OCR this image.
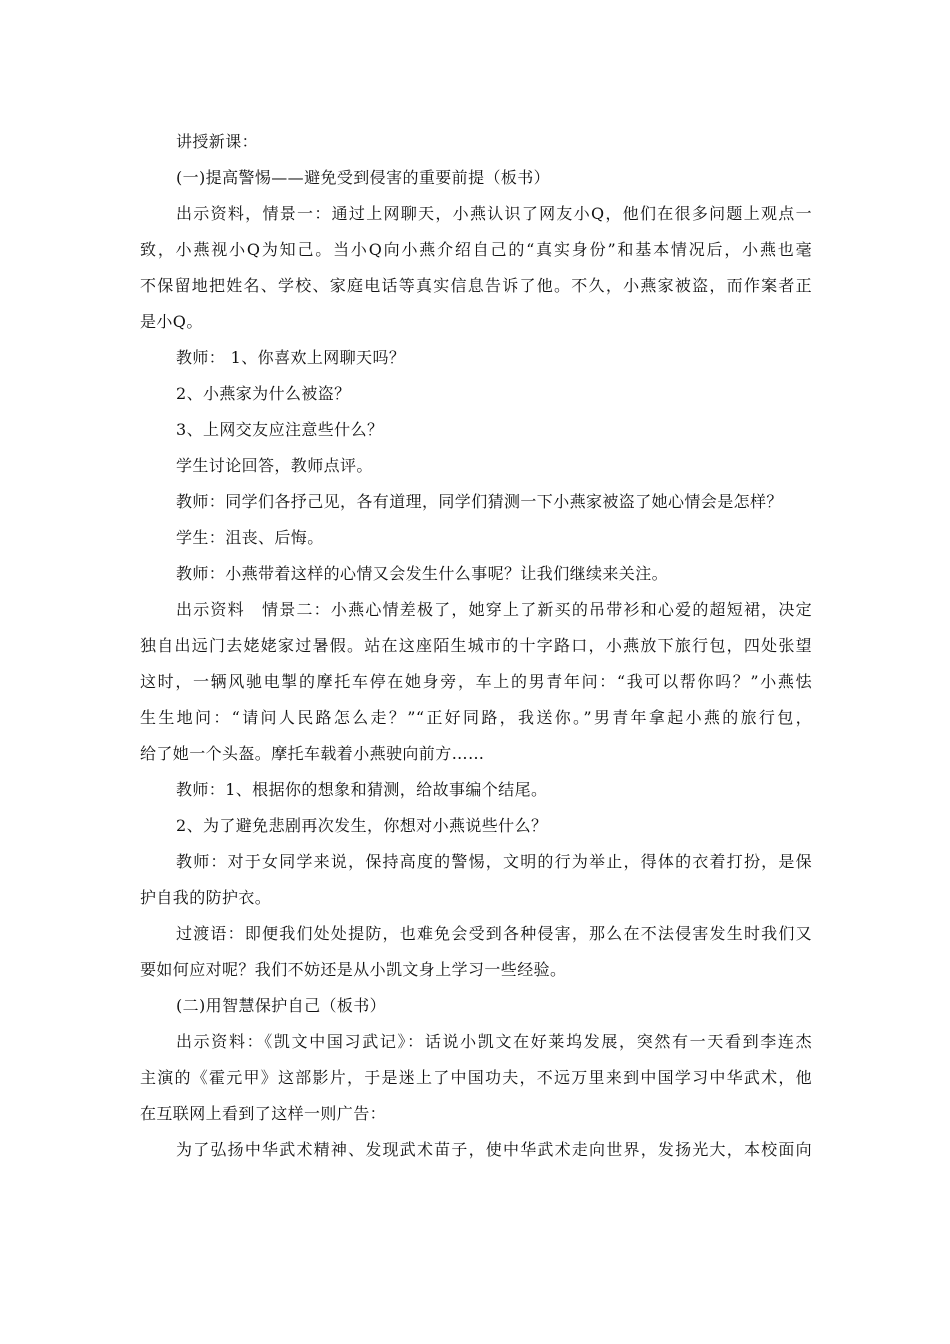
讲授新课：
(一)提高警惕——避免受到侵害的重要前提（板书）
出示资料，情景一：通过上网聊天，小燕认识了网友小Q，他们在很多问题上观点一
致，小燕视小Q为知己。当小Q向小燕介绍自己的“真实身份”和基本情况后，小燕也毫
不保留地把姓名、学校、家庭电话等真实信息告诉了他。不久，小燕家被盗，而作案者正
是小Q。
教师： 1、你喜欢上网聊天吗？
2、小燕家为什么被盗？
3、上网交友应注意些什么？
学生讨论回答，教师点评。
教师：同学们各抒己见，各有道理，同学们猜测一下小燕家被盗了她心情会是怎样？
学生：沮丧、后悔。
教师：小燕带着这样的心情又会发生什么事呢？让我们继续来关注。
出示资料　情景二：小燕心情差极了，她穿上了新买的吊带衫和心爱的超短裙，决定
独自出远门去姥姥家过暑假。站在这座陌生城市的十字路口，小燕放下旅行包，四处张望
这时，一辆风驰电掣的摩托车停在她身旁，车上的男青年问：“我可以帮你吗？”小燕怯
生生地问：“请问人民路怎么走？”“正好同路，我送你。”男青年拿起小燕的旅行包，
给了她一个头盔。摩托车载着小燕驶向前方……
教师：1、根据你的想象和猜测，给故事编个结尾。
2、为了避免悲剧再次发生，你想对小燕说些什么？
教师：对于女同学来说，保持高度的警惕，文明的行为举止，得体的衣着打扮，是保
护自我的防护衣。
过渡语：即便我们处处提防，也难免会受到各种侵害，那么在不法侵害发生时我们又
要如何应对呢？我们不妨还是从小凯文身上学习一些经验。
(二)用智慧保护自己（板书）
出示资料：《凯文中国习武记》：话说小凯文在好莱坞发展，突然有一天看到李连杰
主演的《霍元甲》这部影片，于是迷上了中国功夫，不远万里来到中国学习中华武术，他
在互联网上看到了这样一则广告：
为了弘扬中华武术精神、发现武术苗子，使中华武术走向世界，发扬光大，本校面向
